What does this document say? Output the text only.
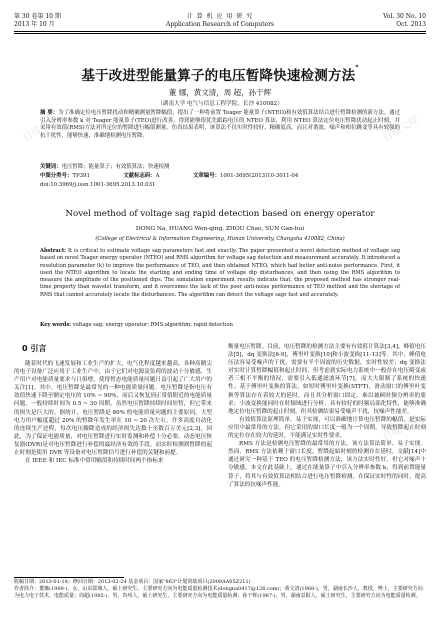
百度文库	百度文库
百度文库	百度文库
第 30 卷第 10 期
2013 年 10 月
计 算 机 应 用 研 究
Application Research of Computers
Vol. 30 No. 10
Oct. 2013
基于改进型能量算子的电压暂降快速检测方法*
董 娜，黄文清，周 超，孙干辉
（湖南大学 电气与信息工程学院，长沙 410082）
摘 要：为了准确定位电压暂降扰动和精确测量暂降幅值，提出了一种将前置 Teager 能量算子(NTEO)和有效值算法结合进行暂降检测的新方法。通过引入分辨率参数 k 对 Teager 能量算子(TEO)进行改善，得到能够很优先跟踪电压的 NTEO 算法，利用 NTEO 算法定位电压暂降扰动起止时刻，并采用有效值(RMS)方法对所定位的暂降进行幅值测量。仿真结果表明，该算法不仅实时性较好、精确度高，而且对谐波、噪声和相位跳变等具有较强的抗干扰性，能够快速、准确地检测电压暂降。
关键词：电压暂降；能量算子；有效值算法；快速检测
中图分类号：TP391	文献标志码：A	文章编号：1001-3695(2013)10-3011-04
doi:10.3969/j.issn.1001-3695.2013.10.031
Novel method of voltage sag rapid detection based on energy operator
DONG Na, HUANG Wen-qing, ZHOU Chao, SUN Gan-hui
(College of Electrical & Information Engineering, Hunan University, Changsha 410082, China)
Abstract: It is critical to estimate voltage sag parameters fast and exactly. The paper presented a novel detection method of voltage sag based on novel Teager energy operator (NTEO) and RMS algorithm for voltage sag detection and measurement accurately. It introduced a resolution parameter (k) to improve the performance of TEO, and then obtained NTEO, which had better anti-noise performance. First, it used the NTEO algorithm to locate the starting and ending time of voltage dip disturbances, and then using the RMS algorithm to measure the amplitude of the positioned dips. The simulation experiment results indicate that, the proposed method has stronger real-time property than wavelet transform, and it overcomes the lack of the poor anti-noise performance of TEO method and the shortage of RMS that cannot accurately locate the disturbances. The algorithm can detect the voltage sags fast and accurately.
Key words: voltage sag; energy operator; RMS algorithm; rapid detection
0 引言

随着时代的飞速发展和工业生产的扩大，电气化程度越来越高，各种高精尖的电子设备广泛应用于工业生产中，由于它们对电源及负荷的波动十分敏感，生产用户对电能质量要求与日俱增，使得暂态电能质量问题日益引起了广大用户的关注[1]。其中，电压暂降是最常见的一种电能质量问题。电压暂降是指电压有效值快速下降至额定电压的 10% ~ 90%，而后又恢复到正常值附近的电能质量问题。一般持续时间为 0.5 ~ 30 周期。虽然电压暂降持续时间短暂，但它带来的损失是巨大的。据统计，电压暂降是 80% 的电能质量问题的主要原因，大型电力用户幅度超过 20% 的暂降年发生率在 10 ~ 20 次左右，许多高度自动化的连续生产过程，每次电压骤降造成的经济损失达数十至数百万美元[2,3]。因此，为了保证电能质量，对电压暂降进行实时监测和补偿十分必要。动态电压恢复器(DVR)是对电压暂降进行补偿的最经济有效的手段，而实时检测到暂降的起止时刻是使用 DVR 等设备对电压暂降信号进行补偿的关键和前提。

在 IEEE 和 IEC 标准中常用幅值和持续时间两个指标来

衡量电压暂降。目前，电压暂降的检测方法主要有有效值计算法[3,4]，峰值电压法[5]，dq 变换法[6-9]，傅里叶变换[10]和小波变换[11-13]等。其中，峰值电压法容易受噪声的干扰，需要有半个周波的历史数据，实时性较差；dq 变换法对实时计算暂降幅值和起止时间，但考虑到实际电力系统中一般存在电压畸变或者三相不平衡的情况，需要引入低通滤波环节[7]，而大大限制了系统的快速性；基于傅里叶变换的算法，如短时傅里叶变换(STFT)，滑动窗口的傅里叶变换等算法存在着较大的延时，而且其分析窗口固定，难以兼顾时频分辨率的要求；小波变换能同时在时频域进行分析，具有较好的时频局部化特性，能够准确地定位电压暂降的起止时刻，但其检测结果易受噪声干扰，抗噪声性能差。

有效值算法原理简单、易于实现，可以准确地计算电压暂降的幅值，是实际应用中最常用的方法。但它采用的窗口长度一般为一个周期，导致暂降起止时刻的定位存在较大的延时，不能满足实时性要求。

RMS 方法是检测电压暂降的最常用的方法。该方法算法简单、易于实现。然而，RMS 方法依赖于窗口长度，暂降起始时刻的检测存在延时。文献[14]中通过研究一种基于 TEO 的电压暂降检测方法，该方法实时性好，但它对噪声十分敏感。本文在此基础上，通过在能量算子中引入分辨率参数 k，得到前置能量算子，将其与有效值算法相结合进行电压暂降检测，在保证实时性的同时，提高了算法的抗噪声性能。

收稿日期：2013-01-18；修回日期：2013-02-24 基金项目：国家"863"计划资助项目(2008AA05Z211)
作者简介：董娜(1989-)，女，山东郓城人，硕士研究生，主要研究方向为电能质量检测技术(dongna0417@126.com)；黄文清(1968-)，男，湖南长沙人，教授，博士，主要研究方向为电力电子技术、电能质量；周超(1985-)，男，贵州人，硕士研究生，主要研究方向为电能质量检测；孙干辉(1987-)，男，湖南益阳人，硕士研究生，主要研究方向为电能质量检测。
